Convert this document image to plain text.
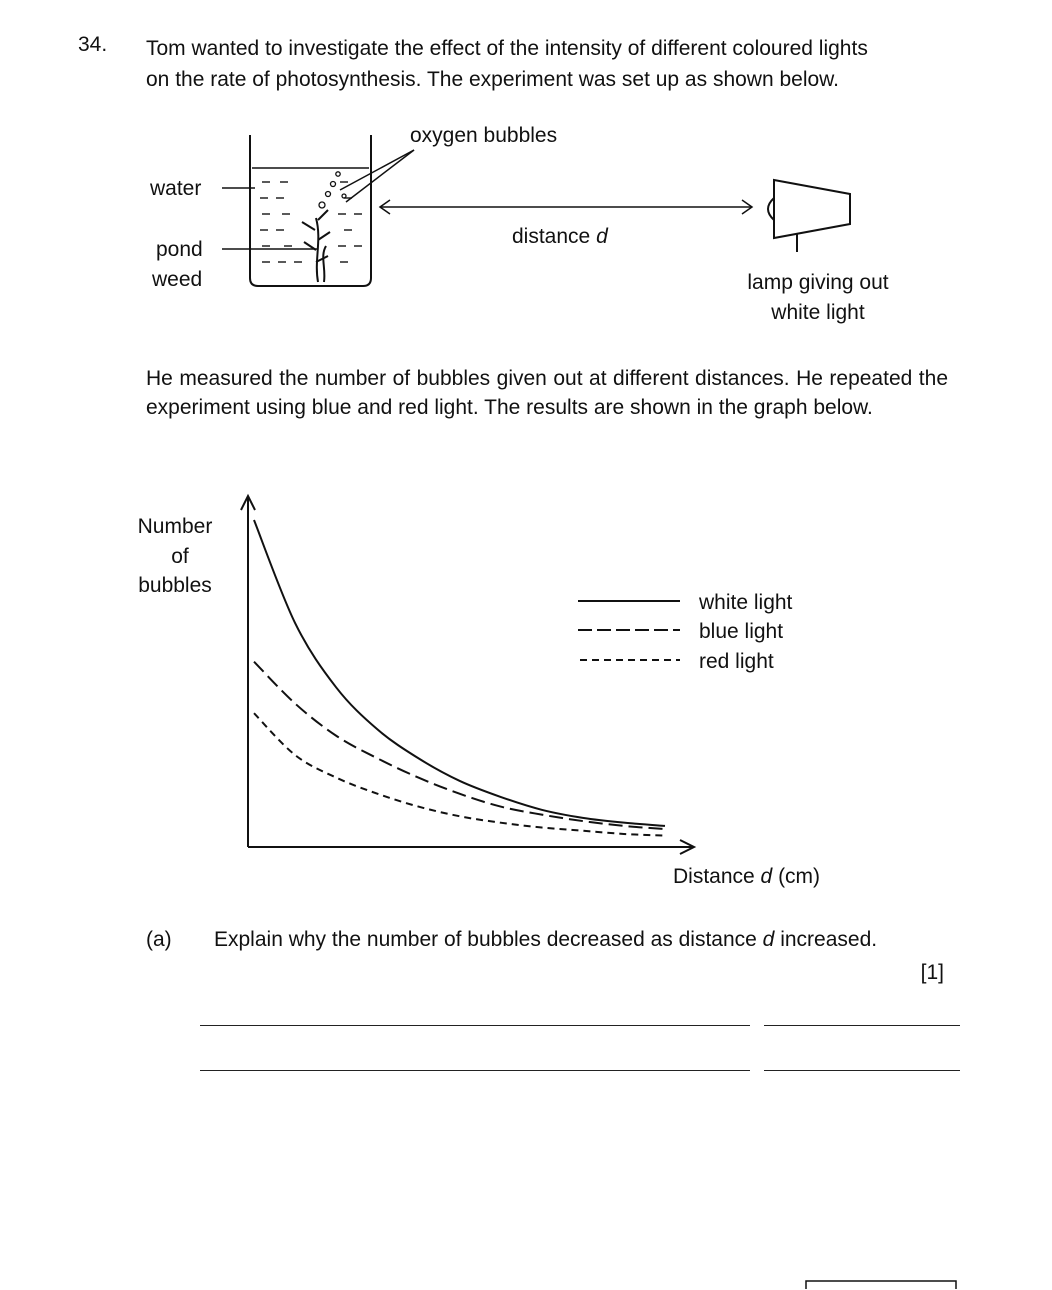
34. Tom wanted to investigate the effect of the intensity of different coloured lights
on the rate of photosynthesis. The experiment was set up as shown below.
oxygen bubbles
water
pond
weed
distance d
lamp giving out
white light
He measured the number of bubbles given out at different distances. He repeated the experiment using blue and red light. The results are shown in the graph below.
Number
of
bubbles
Distance d (cm)
white light
blue light
red light
(a) Explain why the number of bubbles decreased as distance d increased.
[1]
